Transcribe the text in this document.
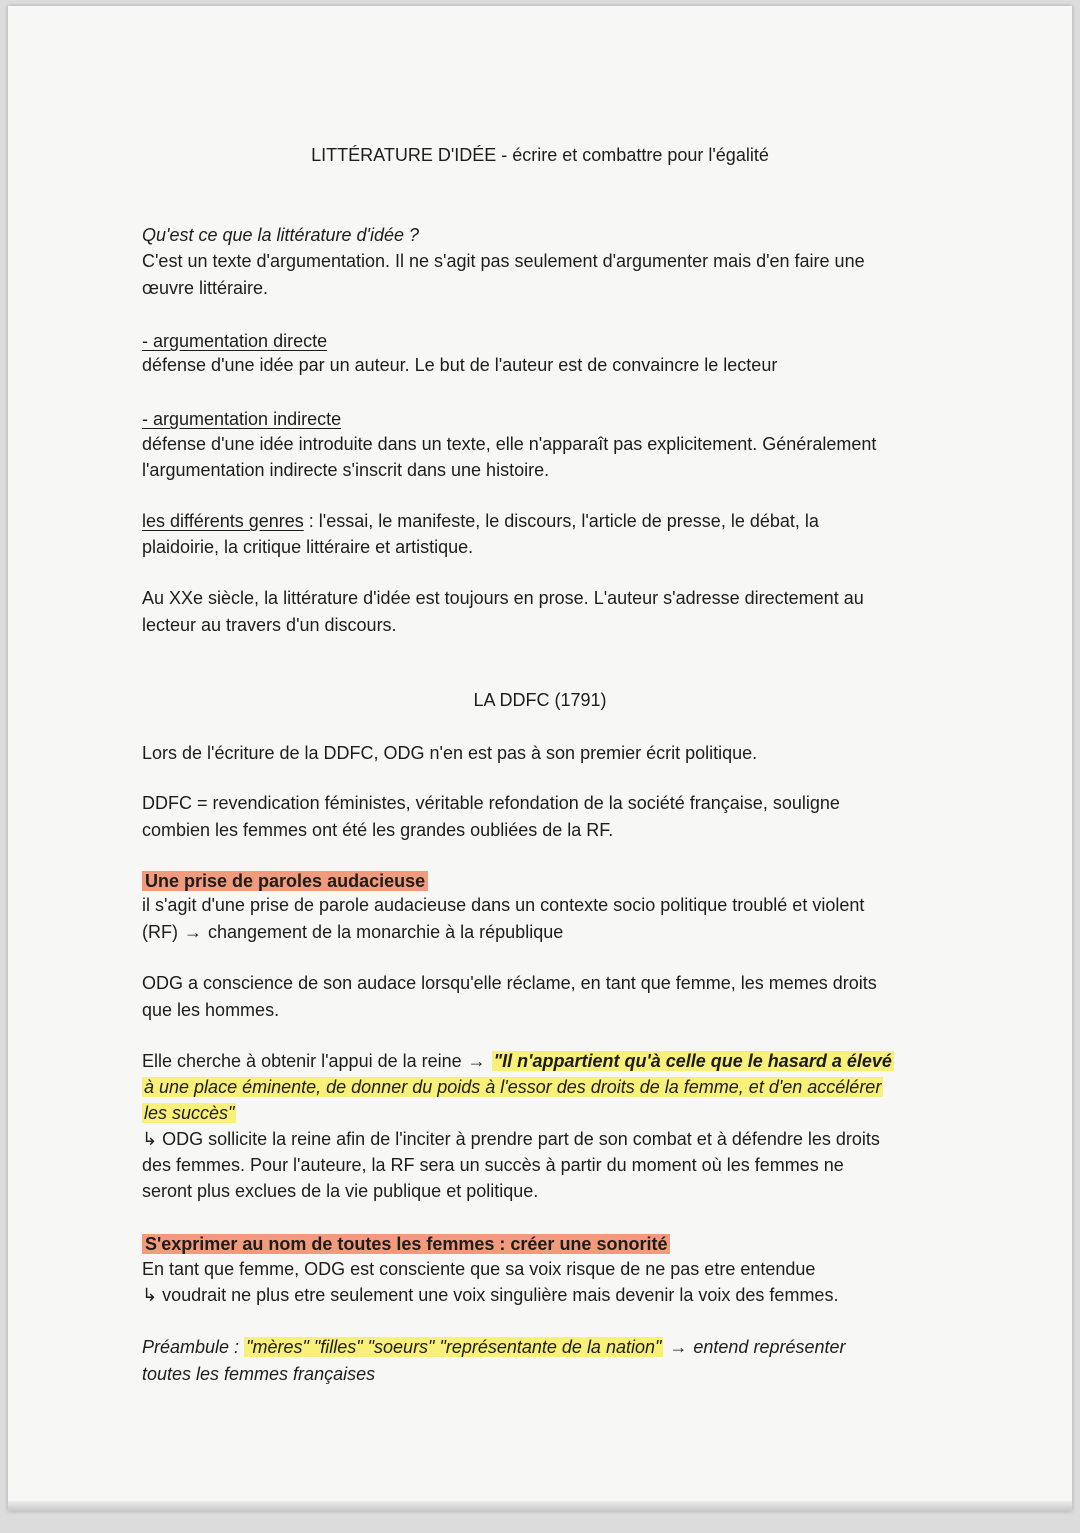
LITTÉRATURE D'IDÉE - écrire et combattre pour l'égalité
Qu'est ce que la littérature d'idée ?
C'est un texte d'argumentation. Il ne s'agit pas seulement d'argumenter mais d'en faire une
œuvre littéraire.
- argumentation directe
défense d'une idée par un auteur. Le but de l'auteur est de convaincre le lecteur
- argumentation indirecte
défense d'une idée introduite dans un texte, elle n'apparaît pas explicitement. Généralement
l'argumentation indirecte s'inscrit dans une histoire.
les différents genres : l'essai, le manifeste, le discours, l'article de presse, le débat, la
plaidoirie, la critique littéraire et artistique.
Au XXe siècle, la littérature d'idée est toujours en prose. L'auteur s'adresse directement au
lecteur au travers d'un discours.
LA DDFC (1791)
Lors de l'écriture de la DDFC, ODG n'en est pas à son premier écrit politique.
DDFC = revendication féministes, véritable refondation de la société française, souligne
combien les femmes ont été les grandes oubliées de la RF.
Une prise de paroles audacieuse
il s'agit d'une prise de parole audacieuse dans un contexte socio politique troublé et violent
(RF) → changement de la monarchie à la république
ODG a conscience de son audace lorsqu'elle réclame, en tant que femme, les memes droits
que les hommes.
Elle cherche à obtenir l'appui de la reine → "Il n'appartient qu'à celle que le hasard a élevé
à une place éminente, de donner du poids à l'essor des droits de la femme, et d'en accélérer
les succès"
↳ ODG sollicite la reine afin de l'inciter à prendre part de son combat et à défendre les droits
des femmes. Pour l'auteure, la RF sera un succès à partir du moment où les femmes ne
seront plus exclues de la vie publique et politique.
S'exprimer au nom de toutes les femmes : créer une sonorité
En tant que femme, ODG est consciente que sa voix risque de ne pas etre entendue
↳ voudrait ne plus etre seulement une voix singulière mais devenir la voix des femmes.
Préambule : "mères" "filles" "soeurs" "représentante de la nation" → entend représenter
toutes les femmes françaises
